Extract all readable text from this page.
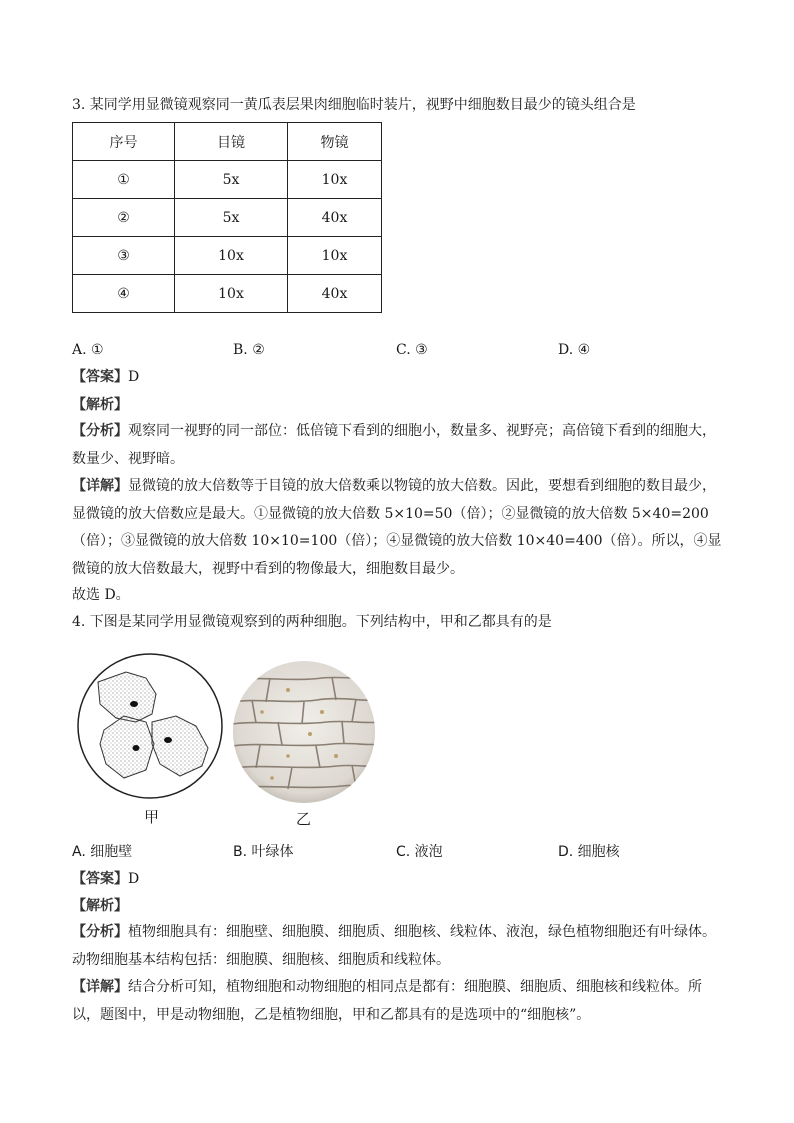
3. 某同学用显微镜观察同一黄瓜表层果肉细胞临时装片，视野中细胞数目最少的镜头组合是
序号	目镜	物镜
①	5x	10x
②	5x	40x
③	10x	10x
④	10x	40x
A. ①	B. ②	C. ③	D. ④
【答案】D
【解析】
【分析】观察同一视野的同一部位：低倍镜下看到的细胞小，数量多、视野亮；高倍镜下看到的细胞大，数量少、视野暗。
【详解】显微镜的放大倍数等于目镜的放大倍数乘以物镜的放大倍数。因此，要想看到细胞的数目最少，显微镜的放大倍数应是最大。①显微镜的放大倍数 5×10=50（倍）；②显微镜的放大倍数 5×40=200（倍）；③显微镜的放大倍数 10×10=100（倍）；④显微镜的放大倍数 10×40=400（倍）。所以，④显微镜的放大倍数最大，视野中看到的物像最大，细胞数目最少。
故选 D。
4. 下图是某同学用显微镜观察到的两种细胞。下列结构中，甲和乙都具有的是
甲	乙
A. 细胞壁	B. 叶绿体	C. 液泡	D. 细胞核
【答案】D
【解析】
【分析】植物细胞具有：细胞壁、细胞膜、细胞质、细胞核、线粒体、液泡，绿色植物细胞还有叶绿体。动物细胞基本结构包括：细胞膜、细胞核、细胞质和线粒体。
【详解】结合分析可知，植物细胞和动物细胞的相同点是都有：细胞膜、细胞质、细胞核和线粒体。所以，题图中，甲是动物细胞，乙是植物细胞，甲和乙都具有的是选项中的“细胞核”。
